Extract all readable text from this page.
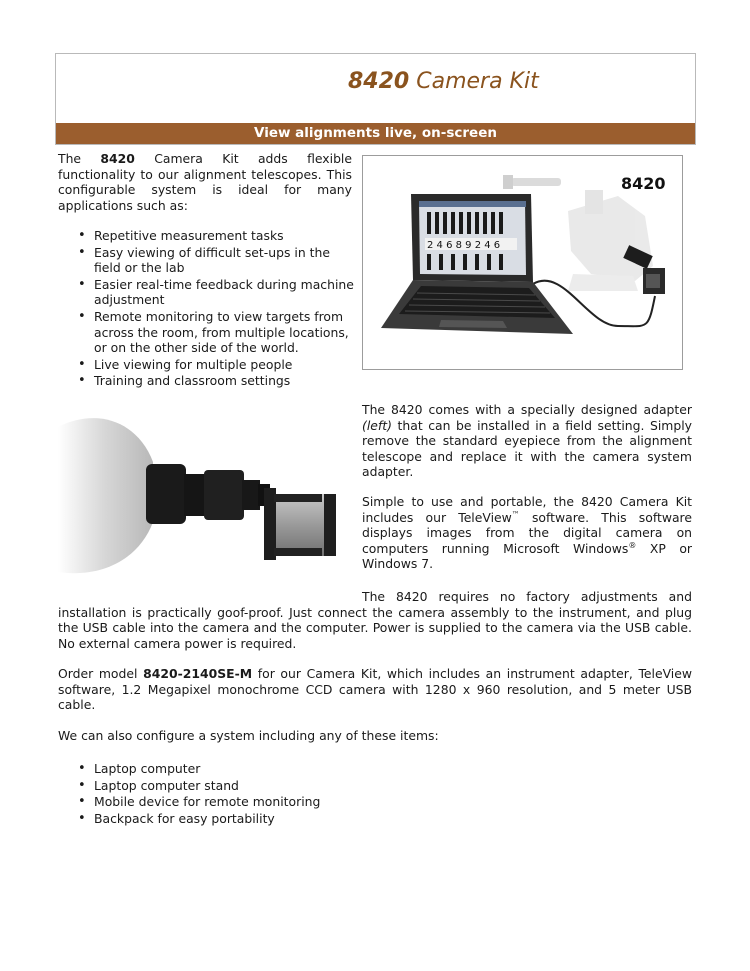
8420 Camera Kit
View alignments live, on-screen
The 8420 Camera Kit adds flexible functionality to our alignment telescopes. This configurable system is ideal for many applications such as:
• Repetitive measurement tasks
• Easy viewing of difficult set-ups in the field or the lab
• Easier real-time feedback during machine adjustment
• Remote monitoring to view targets from across the room, from multiple locations, or on the other side of the world.
• Live viewing for multiple people
• Training and classroom settings
8420
2 4 6 8 9 2 4 6
The 8420 comes with a specially designed adapter (left) that can be installed in a field setting. Simply remove the standard eyepiece from the alignment telescope and replace it with the camera system adapter.
Simple to use and portable, the 8420 Camera Kit includes our TeleView™ software. This software displays images from the digital camera on computers running Microsoft Windows® XP or Windows 7.
The 8420 requires no factory adjustments and installation is practically goof-proof. Just connect the camera assembly to the instrument, and plug the USB cable into the camera and the computer. Power is supplied to the camera via the USB cable. No external camera power is required.
Order model 8420-2140SE-M for our Camera Kit, which includes an instrument adapter, TeleView software, 1.2 Megapixel monochrome CCD camera with 1280 x 960 resolution, and 5 meter USB cable.
We can also configure a system including any of these items:
• Laptop computer
• Laptop computer stand
• Mobile device for remote monitoring
• Backpack for easy portability
